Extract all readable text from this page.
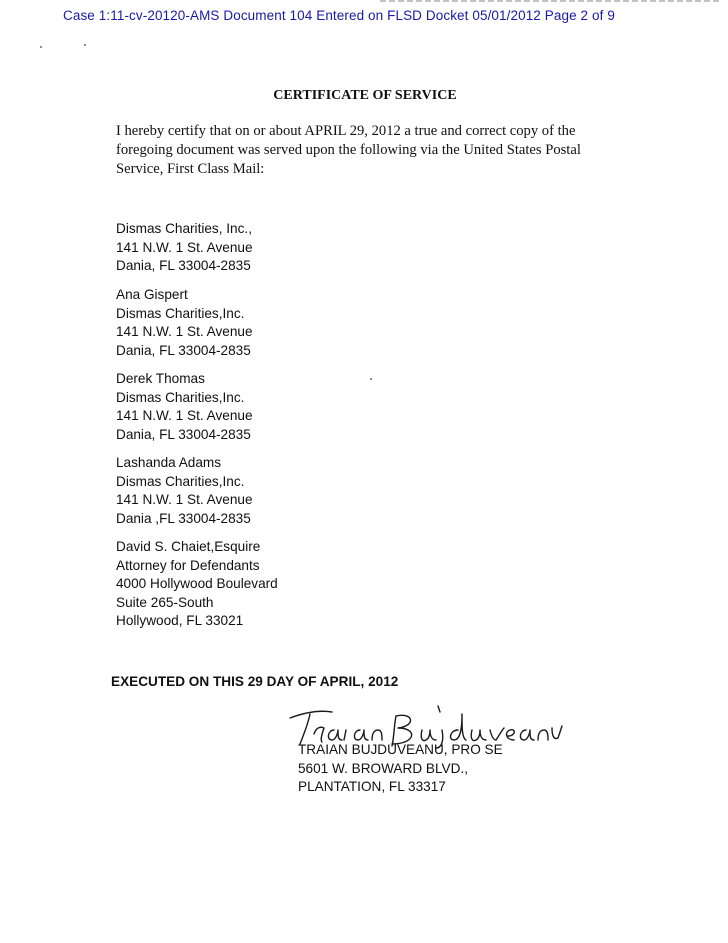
Case 1:11-cv-20120-AMS Document 104 Entered on FLSD Docket 05/01/2012 Page 2 of 9
CERTIFICATE OF SERVICE
I hereby certify that on or about APRIL 29, 2012 a true and correct copy of the foregoing document was served upon the following via the United States Postal Service, First Class Mail:
Dismas Charities, Inc.,
141 N.W. 1 St. Avenue
Dania, FL 33004-2835
Ana Gispert
Dismas Charities,Inc.
141 N.W. 1 St. Avenue
Dania, FL 33004-2835
Derek Thomas
Dismas Charities,Inc.
141 N.W. 1 St. Avenue
Dania, FL 33004-2835
Lashanda Adams
Dismas Charities,Inc.
141 N.W. 1 St. Avenue
Dania ,FL 33004-2835
David S. Chaiet,Esquire
Attorney for Defendants
4000 Hollywood Boulevard
Suite 265-South
Hollywood, FL 33021
EXECUTED ON THIS 29 DAY OF APRIL, 2012
TRAIAN BUJDUVEANU, PRO SE
5601 W. BROWARD BLVD.,
PLANTATION, FL 33317
